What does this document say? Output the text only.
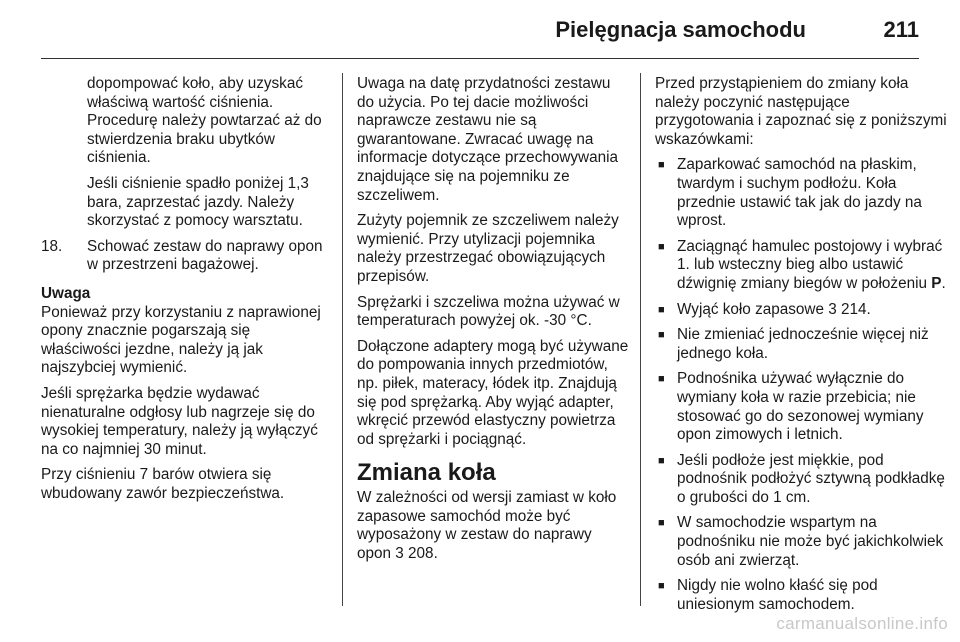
Pielęgnacja samochodu	211

dopompować koło, aby uzyskać właściwą wartość ciśnienia. Procedurę należy powtarzać aż do stwierdzenia braku ubytków ciśnienia.

Jeśli ciśnienie spadło poniżej 1,3 bara, zaprzestać jazdy. Należy skorzystać z pomocy warsztatu.

18.	Schować zestaw do naprawy opon w przestrzeni bagażowej.

Uwaga

Ponieważ przy korzystaniu z naprawionej opony znacznie pogarszają się właściwości jezdne, należy ją jak najszybciej wymienić.

Jeśli sprężarka będzie wydawać nienaturalne odgłosy lub nagrzeje się do wysokiej temperatury, należy ją wyłączyć na co najmniej 30 minut.

Przy ciśnieniu 7 barów otwiera się wbudowany zawór bezpieczeństwa.

Uwaga na datę przydatności zestawu do użycia. Po tej dacie możliwości naprawcze zestawu nie są gwarantowane. Zwracać uwagę na informacje dotyczące przechowywania znajdujące się na pojemniku ze szczeliwem.

Zużyty pojemnik ze szczeliwem należy wymienić. Przy utylizacji pojemnika należy przestrzegać obowiązujących przepisów.

Sprężarki i szczeliwa można używać w temperaturach powyżej ok. -30 °C.

Dołączone adaptery mogą być używane do pompowania innych przedmiotów, np. piłek, materacy, łódek itp. Znajdują się pod sprężarką. Aby wyjąć adapter, wkręcić przewód elastyczny powietrza od sprężarki i pociągnąć.

Zmiana koła

W zależności od wersji zamiast w koło zapasowe samochód może być wyposażony w zestaw do naprawy opon 3 208.

Przed przystąpieniem do zmiany koła należy poczynić następujące przygotowania i zapoznać się z poniższymi wskazówkami:

■ Zaparkować samochód na płaskim, twardym i suchym podłożu. Koła przednie ustawić tak jak do jazdy na wprost.
■ Zaciągnąć hamulec postojowy i wybrać 1. lub wsteczny bieg albo ustawić dźwignię zmiany biegów w położeniu P.
■ Wyjąć koło zapasowe 3 214.
■ Nie zmieniać jednocześnie więcej niż jednego koła.
■ Podnośnika używać wyłącznie do wymiany koła w razie przebicia; nie stosować go do sezonowej wymiany opon zimowych i letnich.
■ Jeśli podłoże jest miękkie, pod podnośnik podłożyć sztywną podkładkę o grubości do 1 cm.
■ W samochodzie wspartym na podnośniku nie może być jakichkolwiek osób ani zwierząt.
■ Nigdy nie wolno kłaść się pod uniesionym samochodem.
carmanualsonline.info
